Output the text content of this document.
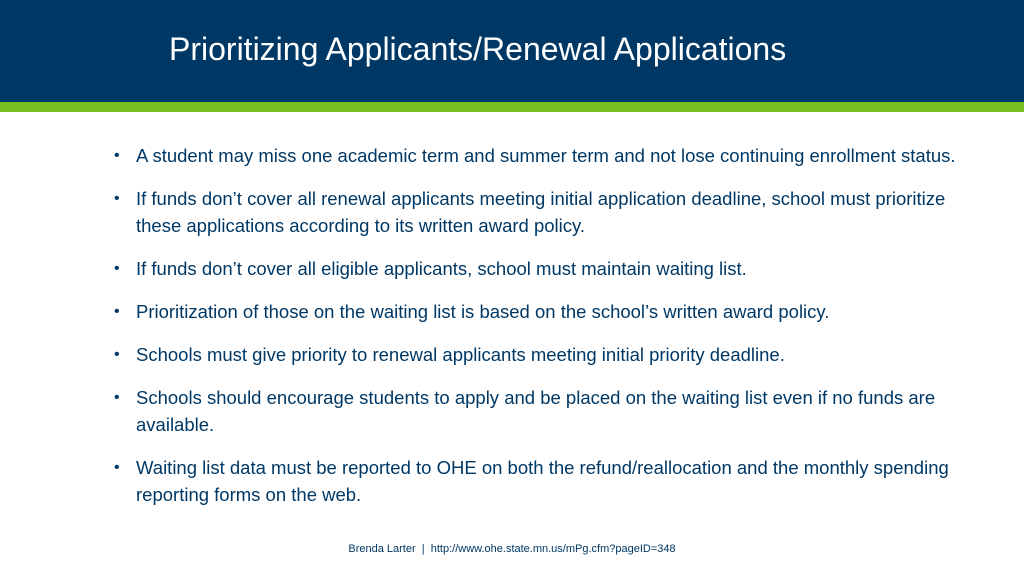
Prioritizing Applicants/Renewal Applications
• A student may miss one academic term and summer term and not lose continuing enrollment status.
• If funds don’t cover all renewal applicants meeting initial application deadline, school must prioritize these applications according to its written award policy.
• If funds don’t cover all eligible applicants, school must maintain waiting list.
• Prioritization of those on the waiting list is based on the school’s written award policy.
• Schools must give priority to renewal applicants meeting initial priority deadline.
• Schools should encourage students to apply and be placed on the waiting list even if no funds are available.
• Waiting list data must be reported to OHE on both the refund/reallocation and the monthly spending reporting forms on the web.
Brenda Larter | http://www.ohe.state.mn.us/mPg.cfm?pageID=348
